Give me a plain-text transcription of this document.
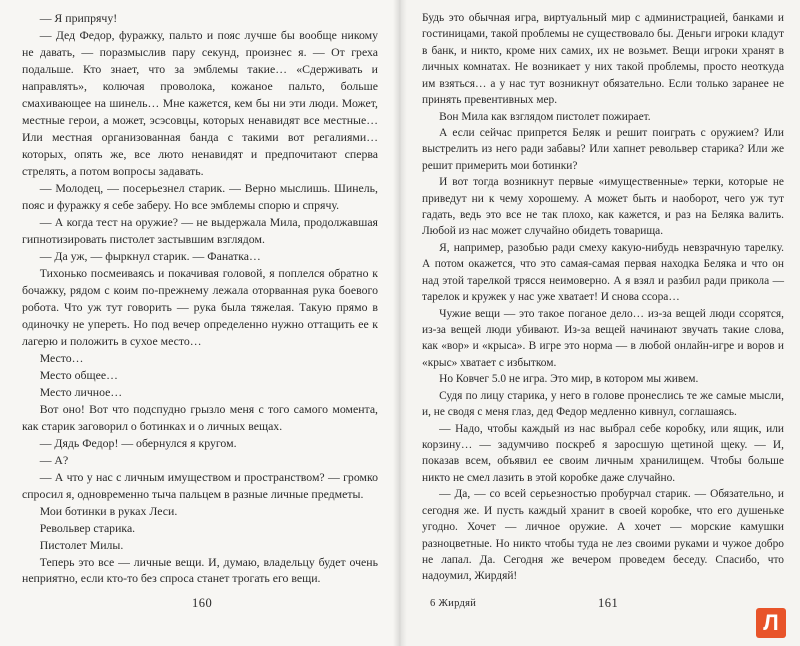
— Я припрячу!

— Дед Федор, фуражку, пальто и пояс лучше бы вообще никому не давать, — поразмыслив пару секунд, произнес я. — От греха подальше. Кто знает, что за эмблемы такие… «Сдерживать и направлять», колючая проволока, кожаное пальто, больше смахивающее на шинель… Мне кажется, кем бы ни эти люди. Может, местные герои, а может, эсэсовцы, которых ненавидят все местные… Или местная организованная банда с такими вот регалиями… которых, опять же, все люто ненавидят и предпочитают сперва стрелять, а потом вопросы задавать.

— Молодец, — посерьезнел старик. — Верно мыслишь. Шинель, пояс и фуражку я себе заберу. Но все эмблемы спорю и спрячу.

— А когда тест на оружие? — не выдержала Мила, продолжавшая гипнотизировать пистолет застывшим взглядом.

— Да уж, — фыркнул старик. — Фанатка…

Тихонько посмеиваясь и покачивая головой, я поплелся обратно к бочажку, рядом с коим по-прежнему лежала оторванная рука боевого робота. Что уж тут говорить — рука была тяжелая. Такую прямо в одиночку не упереть. Но под вечер определенно нужно оттащить ее к лагерю и положить в сухое место…

Место…

Место общее…

Место личное…

Вот оно! Вот что подспудно грызло меня с того самого момента, как старик заговорил о ботинках и о личных вещах.

— Дядь Федор! — обернулся я кругом.

— А?

— А что у нас с личным имуществом и пространством? — громко спросил я, одновременно тыча пальцем в разные личные предметы.

Мои ботинки в руках Леси.

Револьвер старика.

Пистолет Милы.

Теперь это все — личные вещи. И, думаю, владельцу будет очень неприятно, если кто-то без спроса станет трогать его вещи.

160

Будь это обычная игра, виртуальный мир с администрацией, банками и гостиницами, такой проблемы не существовало бы. Деньги игроки кладут в банк, и никто, кроме них самих, их не возьмет. Вещи игроки хранят в личных комнатах. Не возникает у них такой проблемы, просто неоткуда им взяться… а у нас тут возникнут обязательно. Если только заранее не принять превентивных мер.

Вон Мила как взглядом пистолет пожирает.

А если сейчас припрется Беляк и решит поиграть с оружием? Или выстрелить из него ради забавы? Или хапнет револьвер старика? Или же решит примерить мои ботинки?

И вот тогда возникнут первые «имущественные» терки, которые не приведут ни к чему хорошему. А может быть и наоборот, чего уж тут гадать, ведь это все не так плохо, как кажется, и раз на Беляка валить. Любой из нас может случайно обидеть товарища.

Я, например, разобью ради смеху какую-нибудь невзрачную тарелку. А потом окажется, что это самая-самая первая находка Беляка и что он над этой тарелкой трясся неимоверно. А я взял и разбил ради прикола — тарелок и кружек у нас уже хватает! И снова ссора…

Чужие вещи — это такое поганое дело… из-за вещей люди ссорятся, из-за вещей люди убивают. Из-за вещей начинают звучать такие слова, как «вор» и «крыса». В игре это норма — в любой онлайн-игре и воров и «крыс» хватает с избытком.

Но Ковчег 5.0 не игра. Это мир, в котором мы живем.

Судя по лицу старика, у него в голове пронеслись те же самые мысли, и, не сводя с меня глаз, дед Федор медленно кивнул, соглашаясь.

— Надо, чтобы каждый из нас выбрал себе коробку, или ящик, или корзину… — задумчиво поскреб я заросшую щетиной щеку. — И, показав всем, объявил ее своим личным хранилищем. Чтобы больше никто не смел лазить в этой коробке даже случайно.

— Да, — со всей серьезностью пробурчал старик. — Обязательно, и сегодня же. И пусть каждый хранит в своей коробке, что его душеньке угодно. Хочет — личное оружие. А хочет — морские камушки разноцветные. Но никто чтобы туда не лез своими руками и чужое добро не лапал. Да. Сегодня же вечером проведем беседу. Спасибо, что надоумил, Жирдяй!

6 Жирдяй	161
Л
